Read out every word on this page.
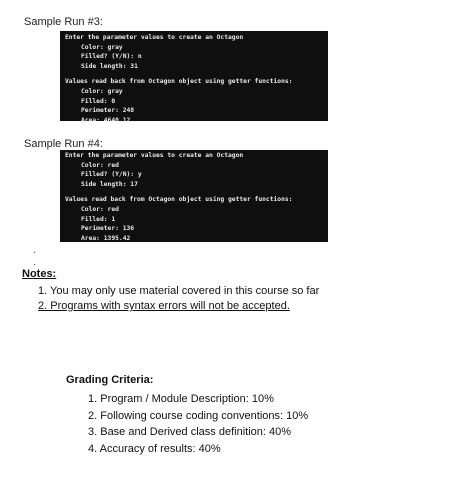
Sample Run #3:
Enter the parameter values to create an Octagon
Color: gray
Filled? (Y/N): n
Side length: 31
Values read back from Octagon object using getter functions:
Color: gray
Filled: 0
Perimeter: 248
Area: 4640.12
Sample Run #4:
Enter the parameter values to create an Octagon
Color: red
Filled? (Y/N): y
Side length: 17
Values read back from Octagon object using getter functions:
Color: red
Filled: 1
Perimeter: 136
Area: 1395.42
·
·
Notes:
1. You may only use material covered in this course so far
2. Programs with syntax errors will not be accepted.
Grading Criteria:
1. Program / Module Description: 10%
2. Following course coding conventions: 10%
3. Base and Derived class definition: 40%
4. Accuracy of results: 40%
